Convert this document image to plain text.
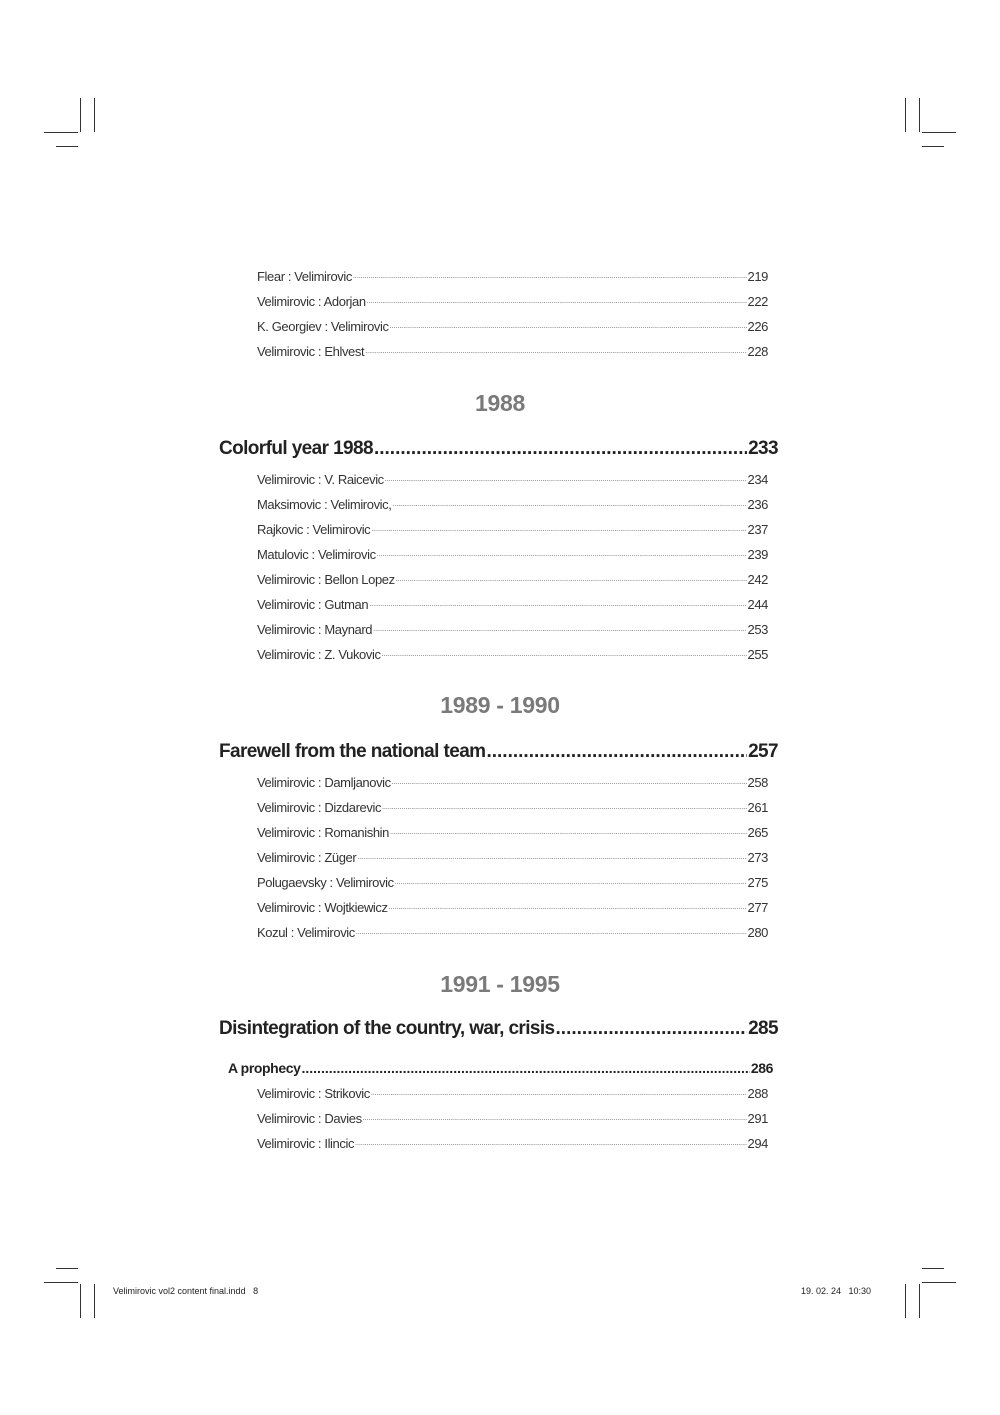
Flear : Velimirovic .....	219
Velimirovic : Adorjan .....	222
K. Georgiev : Velimirovic .....	226
Velimirovic : Ehlvest .....	228
1988
Colorful year 1988 .....	233
Velimirovic : V. Raicevic .....	234
Maksimovic : Velimirovic, .....	236
Rajkovic : Velimirovic .....	237
Matulovic : Velimirovic .....	239
Velimirovic : Bellon Lopez .....	242
Velimirovic : Gutman .....	244
Velimirovic : Maynard .....	253
Velimirovic : Z. Vukovic .....	255
1989 - 1990
Farewell from the national team .....	257
Velimirovic : Damljanovic .....	258
Velimirovic : Dizdarevic .....	261
Velimirovic : Romanishin .....	265
Velimirovic : Züger .....	273
Polugaevsky : Velimirovic .....	275
Velimirovic : Wojtkiewicz .....	277
Kozul : Velimirovic .....	280
1991 - 1995
Disintegration of the country, war, crisis .....	285
A prophecy .....	286
Velimirovic : Strikovic .....	288
Velimirovic : Davies .....	291
Velimirovic : Ilincic .....	294
Velimirovic vol2 content final.indd   8	19. 02. 24   10:30
